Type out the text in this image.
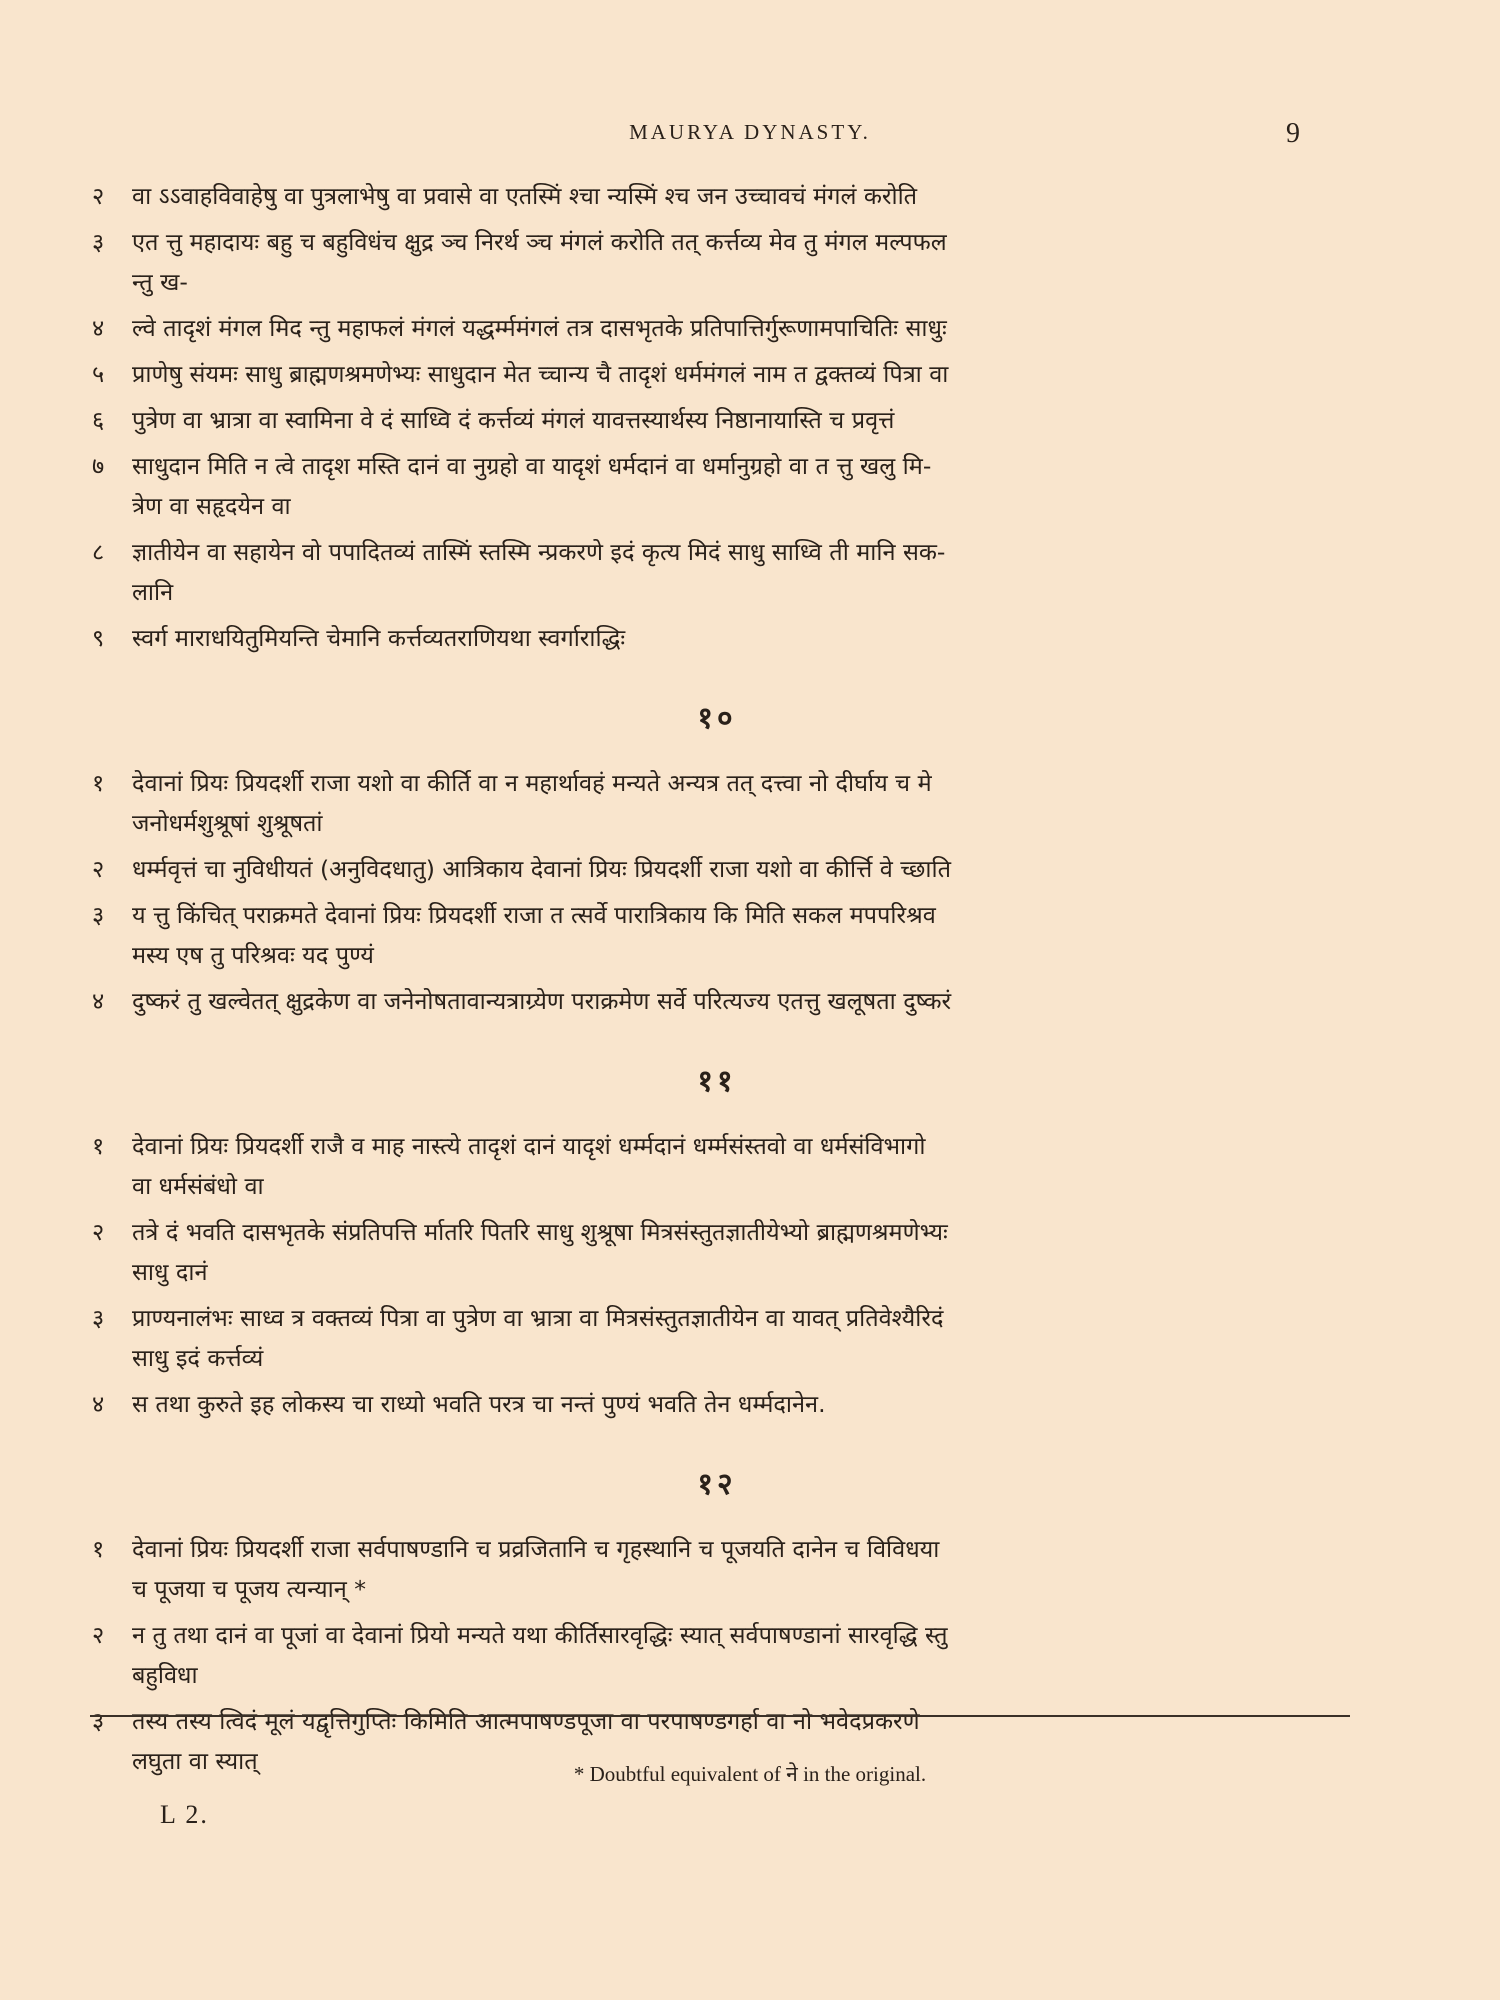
MAURYA DYNASTY.	9
२	वा ऽऽवाहविवाहेषु वा पुत्रलाभेषु वा प्रवासे वा एतस्मिं श्चा न्यस्मिं श्च जन उच्चावचं मंगलं करोति
३	एत त्तु महादायः बहु च बहुविधंच क्षुद्र ञ्च निरर्थ ञ्च मंगलं करोति तत् कर्त्तव्य मेव तु मंगल मल्पफल
न्तु ख-
४	ल्वे तादृशं मंगल मिद न्तु महाफलं मंगलं यद्धर्म्ममंगलं तत्र दासभृतके प्रतिपात्तिर्गुरूणामपाचितिः साधुः
५	प्राणेषु संयमः साधु ब्राह्मणश्रमणेभ्यः साधुदान मेत च्चान्य चै तादृशं धर्ममंगलं नाम त द्वक्तव्यं पित्रा वा
६	पुत्रेण वा भ्रात्रा वा स्वामिना वे दं साध्वि दं कर्त्तव्यं मंगलं यावत्तस्यार्थस्य निष्ठानायास्ति च प्रवृत्तं
७	साधुदान मिति न त्वे तादृश मस्ति दानं वा नुग्रहो वा यादृशं धर्मदानं वा धर्मानुग्रहो वा त त्तु खलु मि-
त्रेण वा सहृदयेन वा
८	ज्ञातीयेन वा सहायेन वो पपादितव्यं तास्मिं स्तस्मि न्प्रकरणे इदं कृत्य मिदं साधु साध्वि ती मानि सक-
लानि
९	स्वर्ग माराधयितुमियन्ति चेमानि कर्त्तव्यतराणियथा स्वर्गाराद्धिः
१०
१	देवानां प्रियः प्रियदर्शी राजा यशो वा कीर्ति वा न महार्थावहं मन्यते अन्यत्र तत् दत्त्वा नो दीर्घाय च मे
जनोधर्मशुश्रूषां शुश्रूषतां
२	धर्म्मवृत्तं चा नुविधीयतं (अनुविदधातु) आत्रिकाय देवानां प्रियः प्रियदर्शी राजा यशो वा कीर्त्ति वे च्छाति
३	य त्तु किंचित् पराक्रमते देवानां प्रियः प्रियदर्शी राजा त त्सर्वे पारात्रिकाय कि मिति सकल मपपरिश्रव
मस्य एष तु परिश्रवः यद पुण्यं
४	दुष्करं तु खल्वेतत् क्षुद्रकेण वा जनेनोषतावान्यत्राग्र्येण पराक्रमेण सर्वे परित्यज्य एतत्तु खलूषता दुष्करं
११
१	देवानां प्रियः प्रियदर्शी राजै व माह नास्त्ये तादृशं दानं यादृशं धर्म्मदानं धर्म्मसंस्तवो वा धर्मसंविभागो
वा धर्मसंबंधो वा
२	तत्रे दं भवति दासभृतके संप्रतिपत्ति र्मातरि पितरि साधु शुश्रूषा मित्रसंस्तुतज्ञातीयेभ्यो ब्राह्मणश्रमणेभ्यः
साधु दानं
३	प्राण्यनालंभः साध्व त्र वक्तव्यं पित्रा वा पुत्रेण वा भ्रात्रा वा मित्रसंस्तुतज्ञातीयेन वा यावत् प्रतिवेश्यैरिदं
साधु इदं कर्त्तव्यं
४	स तथा कुरुते इह लोकस्य चा राध्यो भवति परत्र चा नन्तं पुण्यं भवति तेन धर्म्मदानेन.
१२
१	देवानां प्रियः प्रियदर्शी राजा सर्वपाषण्डानि च प्रव्रजितानि च गृहस्थानि च पूजयति दानेन च विविधया
च पूजया च पूजय त्यन्यान् *
२	न तु तथा दानं वा पूजां वा देवानां प्रियो मन्यते यथा कीर्तिसारवृद्धिः स्यात् सर्वपाषण्डानां सारवृद्धि स्तु
बहुविधा
३	तस्य तस्य त्विदं मूलं यद्वृत्तिगुप्तिः किमिति आत्मपाषण्डपूजा वा परपाषण्डगर्हा वा नो भवेदप्रकरणे
लघुता वा स्यात्	* Doubtful equivalent of ने in the original.
L 2.
